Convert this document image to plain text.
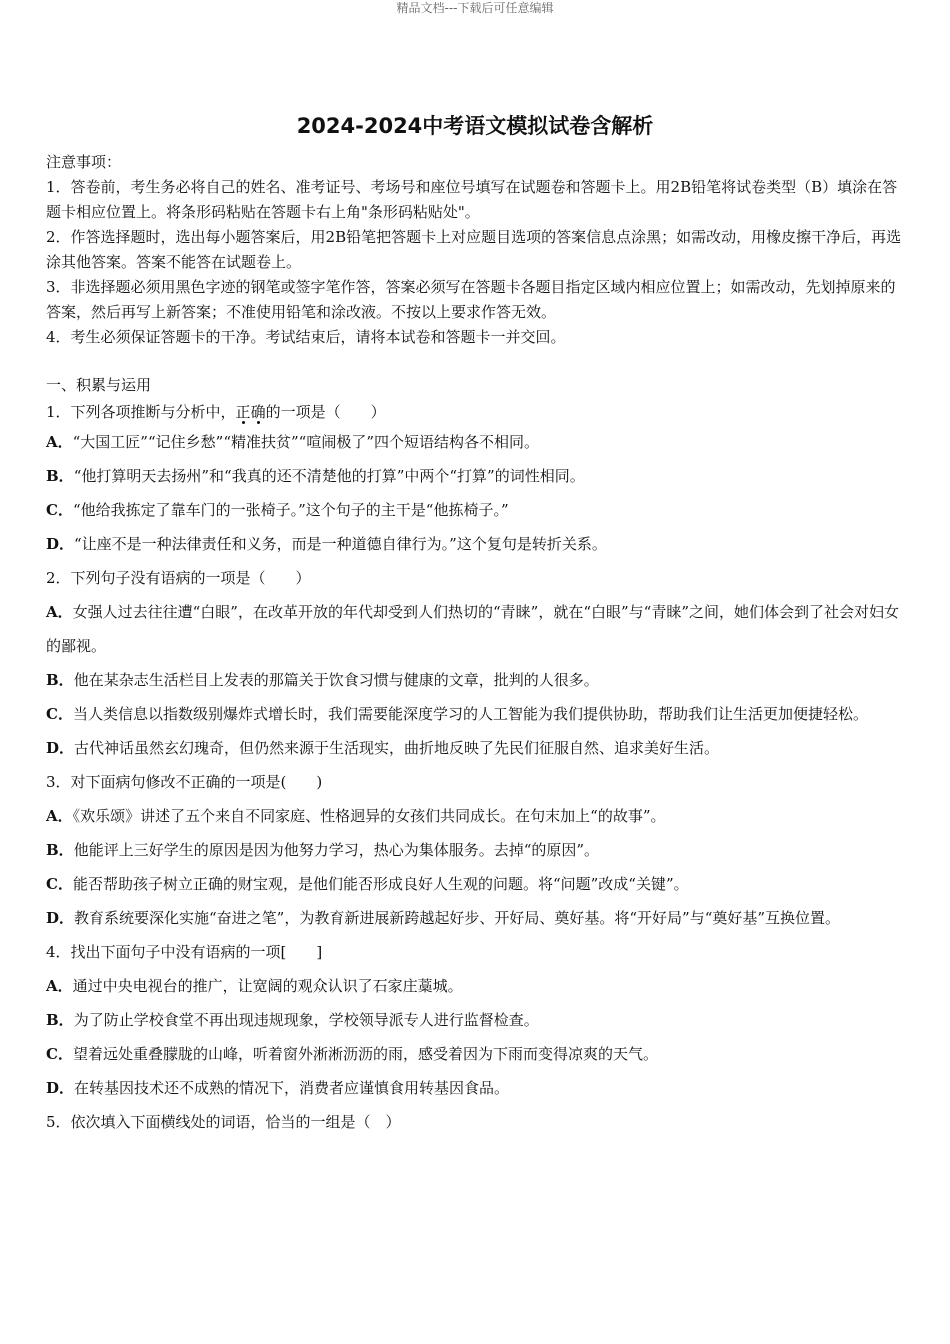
精品文档---下载后可任意编辑
2024-2024中考语文模拟试卷含解析

注意事项：

1．答卷前，考生务必将自己的姓名、准考证号、考场号和座位号填写在试题卷和答题卡上。用2B铅笔将试卷类型（B）填涂在答题卡相应位置上。将条形码粘贴在答题卡右上角"条形码粘贴处"。

2．作答选择题时，选出每小题答案后，用2B铅笔把答题卡上对应题目选项的答案信息点涂黑；如需改动，用橡皮擦干净后，再选涂其他答案。答案不能答在试题卷上。

3．非选择题必须用黑色字迹的钢笔或签字笔作答，答案必须写在答题卡各题目指定区域内相应位置上；如需改动，先划掉原来的答案，然后再写上新答案；不准使用铅笔和涂改液。不按以上要求作答无效。

4．考生必须保证答题卡的干净。考试结束后，请将本试卷和答题卡一并交回。

一、积累与运用

1．下列各项推断与分析中，正确的一项是（　　）

A．“大国工匠”“记住乡愁”“精准扶贫”“喧闹极了”四个短语结构各不相同。

B．“他打算明天去扬州”和“我真的还不清楚他的打算”中两个“打算”的词性相同。

C．“他给我拣定了靠车门的一张椅子。”这个句子的主干是“他拣椅子。”

D．“让座不是一种法律责任和义务，而是一种道德自律行为。”这个复句是转折关系。

2．下列句子没有语病的一项是（　　）

A．女强人过去往往遭“白眼”，在改革开放的年代却受到人们热切的“青睐”，就在“白眼”与“青睐”之间，她们体会到了社会对妇女的鄙视。

B．他在某杂志生活栏目上发表的那篇关于饮食习惯与健康的文章，批判的人很多。

C．当人类信息以指数级别爆炸式增长时，我们需要能深度学习的人工智能为我们提供协助，帮助我们让生活更加便捷轻松。

D．古代神话虽然玄幻瑰奇，但仍然来源于生活现实，曲折地反映了先民们征服自然、追求美好生活。

3．对下面病句修改不正确的一项是(　　)

A．《欢乐颂》讲述了五个来自不同家庭、性格迥异的女孩们共同成长。在句末加上“的故事”。

B．他能评上三好学生的原因是因为他努力学习，热心为集体服务。去掉“的原因”。

C．能否帮助孩子树立正确的财宝观，是他们能否形成良好人生观的问题。将“问题”改成“关键”。

D．教育系统要深化实施“奋进之笔”，为教育新进展新跨越起好步、开好局、奠好基。将“开好局”与“奠好基”互换位置。

4．找出下面句子中没有语病的一项[　　]

A．通过中央电视台的推广，让宽阔的观众认识了石家庄藁城。

B．为了防止学校食堂不再出现违规现象，学校领导派专人进行监督检查。

C．望着远处重叠朦胧的山峰，听着窗外淅淅沥沥的雨，感受着因为下雨而变得凉爽的天气。

D．在转基因技术还不成熟的情况下，消费者应谨慎食用转基因食品。

5．依次填入下面横线处的词语，恰当的一组是（　）
